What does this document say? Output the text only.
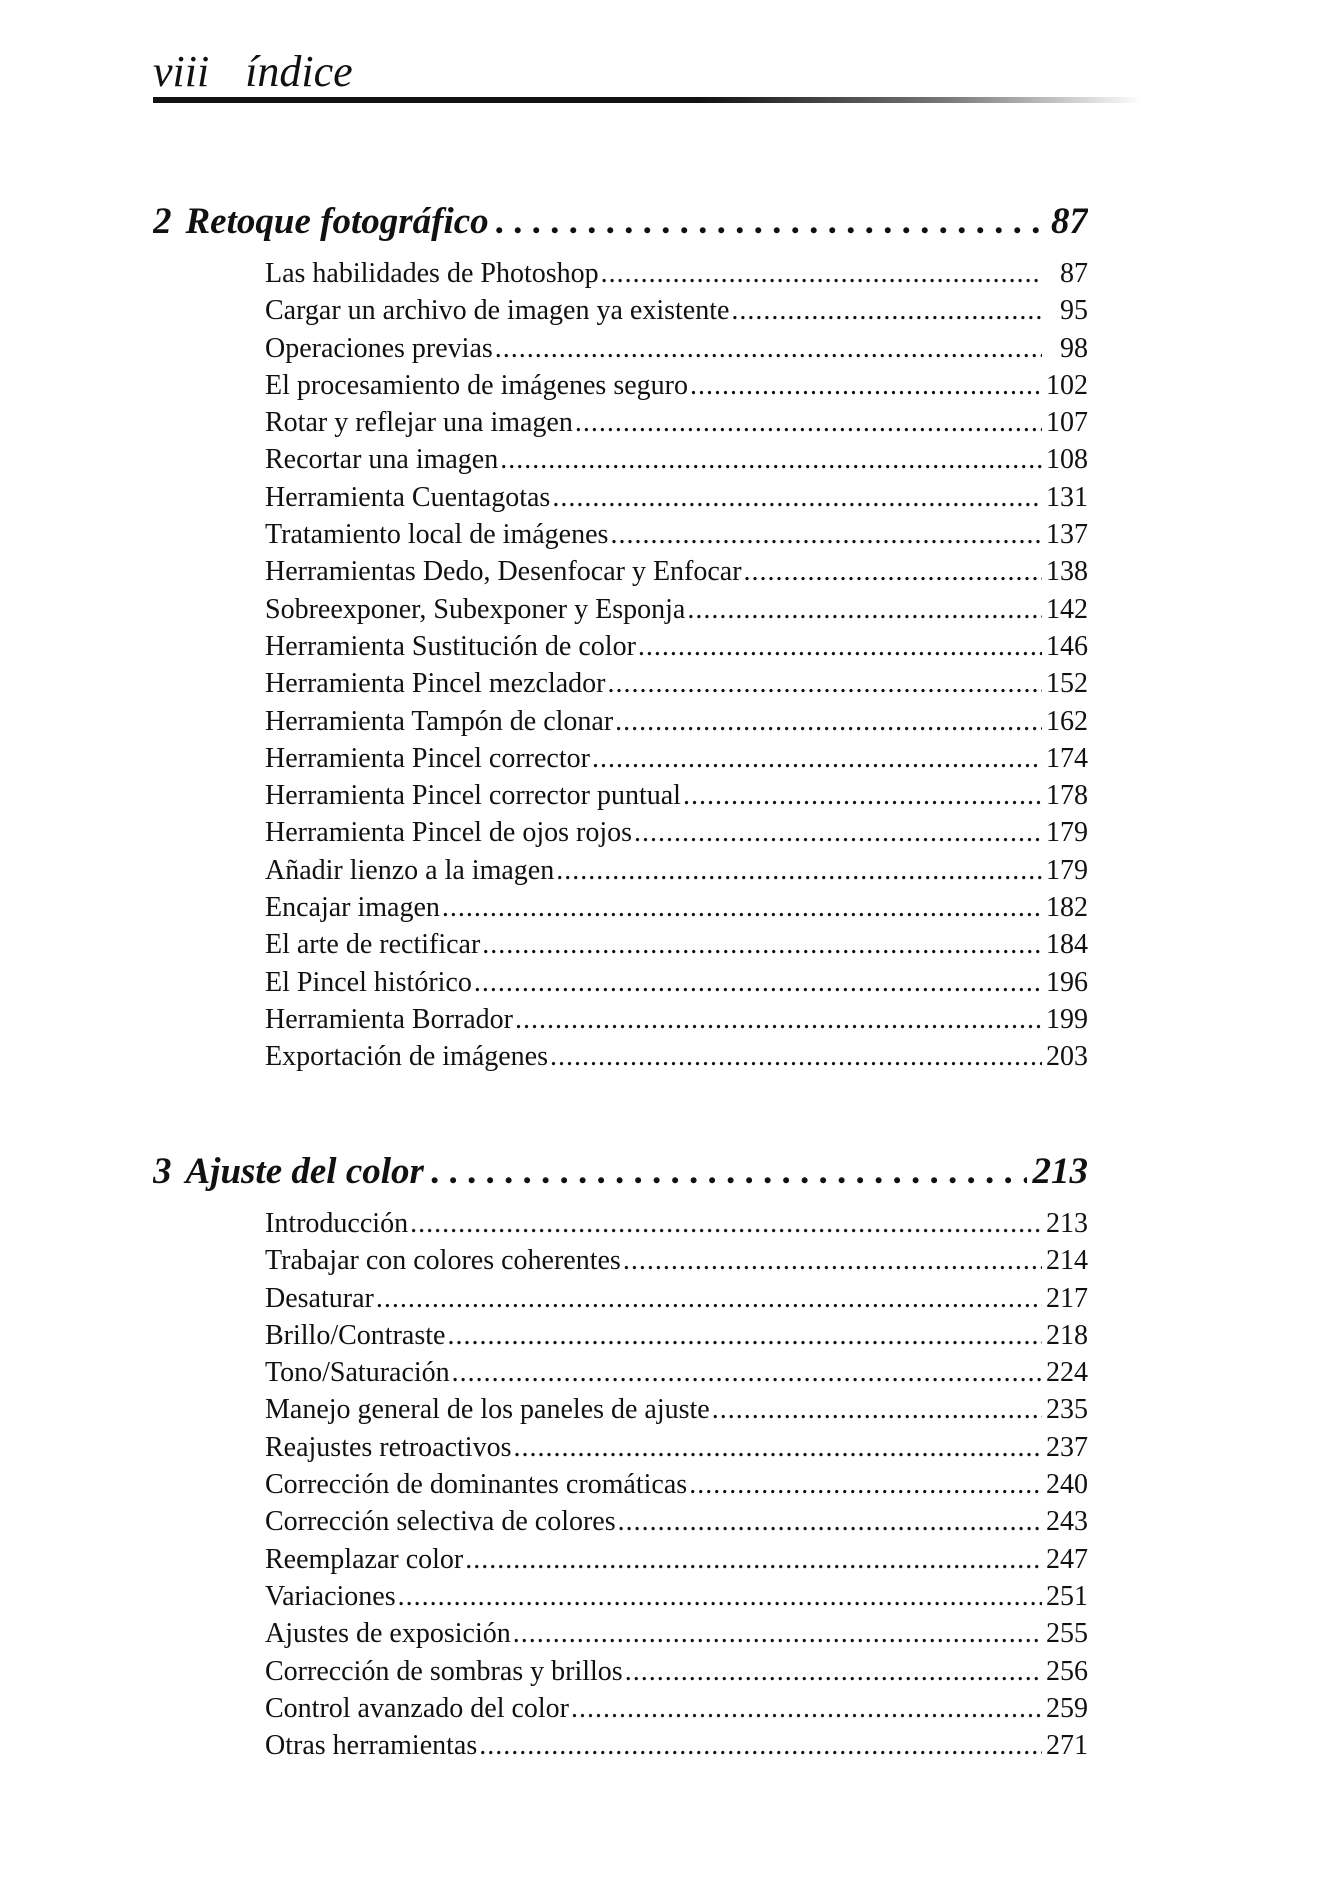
viii índice
2 Retoque fotográfico . . .	87
Las habilidades de Photoshop .....	87
Cargar un archivo de imagen ya existente .....	95
Operaciones previas .....	98
El procesamiento de imágenes seguro .....	102
Rotar y reflejar una imagen .....	107
Recortar una imagen .....	108
Herramienta Cuentagotas .....	131
Tratamiento local de imágenes .....	137
Herramientas Dedo, Desenfocar y Enfocar .....	138
Sobreexponer, Subexponer y Esponja .....	142
Herramienta Sustitución de color .....	146
Herramienta Pincel mezclador .....	152
Herramienta Tampón de clonar .....	162
Herramienta Pincel corrector .....	174
Herramienta Pincel corrector puntual .....	178
Herramienta Pincel de ojos rojos .....	179
Añadir lienzo a la imagen .....	179
Encajar imagen .....	182
El arte de rectificar .....	184
El Pincel histórico .....	196
Herramienta Borrador .....	199
Exportación de imágenes .....	203
3 Ajuste del color . . .	213
Introducción .....	213
Trabajar con colores coherentes .....	214
Desaturar .....	217
Brillo/Contraste .....	218
Tono/Saturación .....	224
Manejo general de los paneles de ajuste .....	235
Reajustes retroactivos .....	237
Corrección de dominantes cromáticas .....	240
Corrección selectiva de colores .....	243
Reemplazar color .....	247
Variaciones .....	251
Ajustes de exposición .....	255
Corrección de sombras y brillos .....	256
Control avanzado del color .....	259
Otras herramientas .....	271
